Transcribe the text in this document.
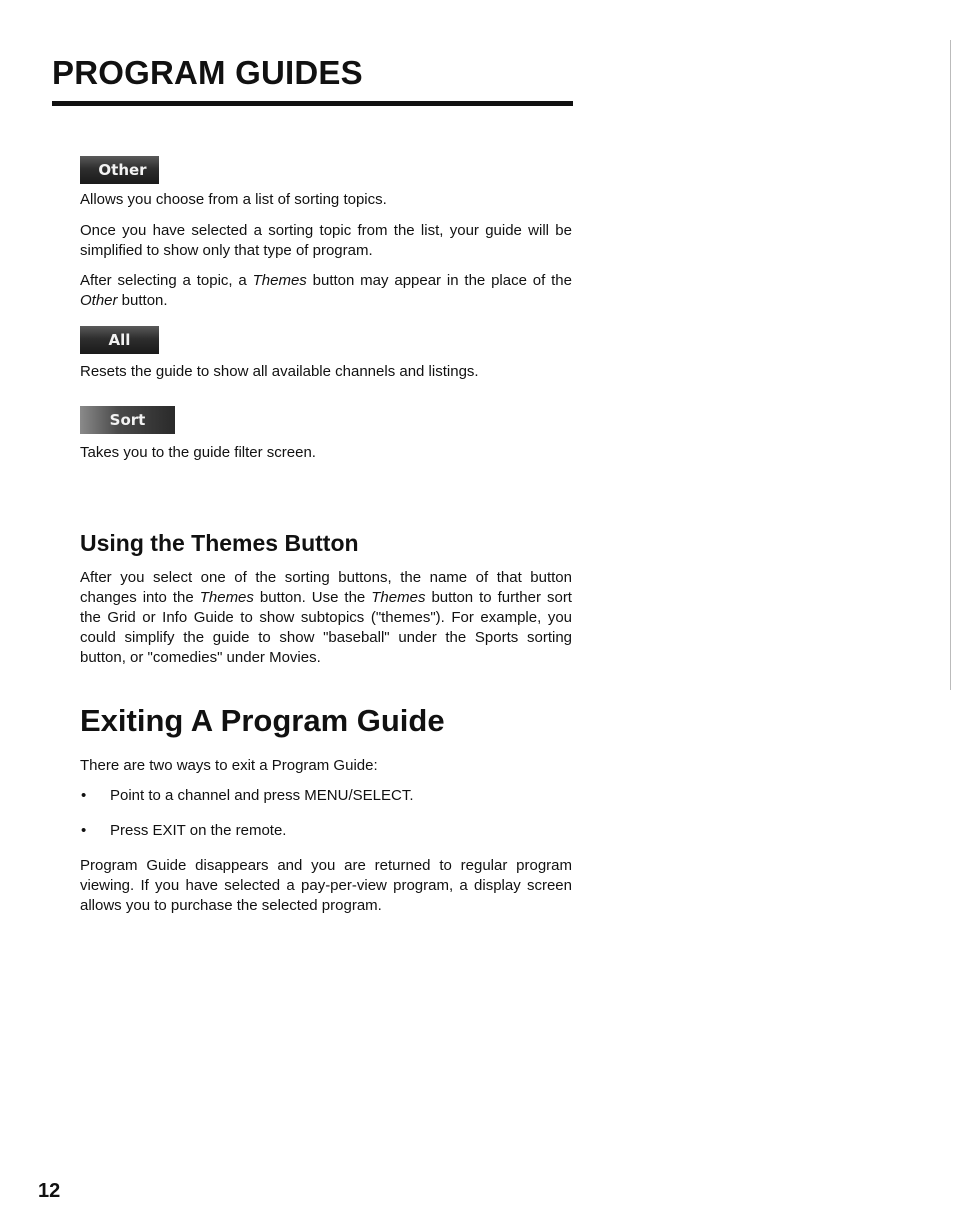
PROGRAM GUIDES
Other

Allows you choose from a list of sorting topics.

Once you have selected a sorting topic from the list, your guide will be simplified to show only that type of program.

After selecting a topic, a Themes button may appear in the place of the Other button.

All

Resets the guide to show all available channels and listings.

Sort

Takes you to the guide filter screen.

Using the Themes Button

After you select one of the sorting buttons, the name of that button changes into the Themes button. Use the Themes button to further sort the Grid or Info Guide to show subtopics ("themes"). For example, you could simplify the guide to show "baseball" under the Sports sorting button, or "comedies" under Movies.

Exiting A Program Guide

There are two ways to exit a Program Guide:

• Point to a channel and press MENU/SELECT.
• Press EXIT on the remote.

Program Guide disappears and you are returned to regular program viewing. If you have selected a pay-per-view program, a display screen allows you to purchase the selected program.

12
